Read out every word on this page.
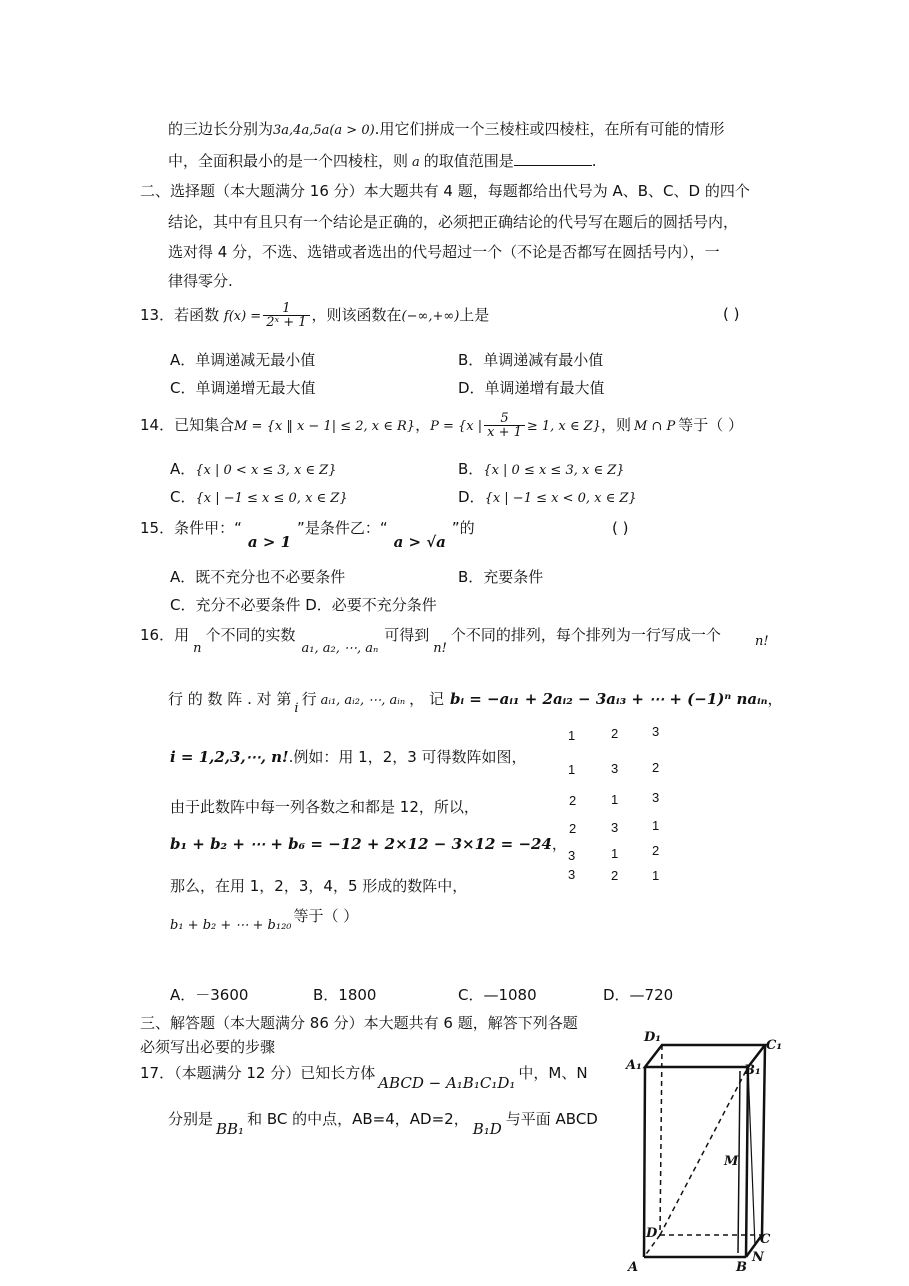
的三边长分别为3a,4a,5a(a > 0).用它们拼成一个三棱柱或四棱柱，在所有可能的情形
中，全面积最小的是一个四棱柱，则 a 的取值范围是	.
二、选择题（本大题满分 16 分）本大题共有 4 题，每题都给出代号为 A、B、C、D 的四个
结论，其中有且只有一个结论是正确的，必须把正确结论的代号写在题后的圆括号内，
选对得 4 分，不选、选错或者选出的代号超过一个（不论是否都写在圆括号内），一
律得零分.
13．若函数 $f(x) = \frac{1}{\text{2ˣ + 1}}$ ，则该函数在(−∞,+∞)上是	( )
A．单调递减无最小值	B．单调递减有最小值
C．单调递增无最大值	D．单调递增有最大值
14．已知集合M = {x ‖ x − 1| ≤ 2, x ∈ R}，P = {x | $\frac{5}{x + 1} \ge 1$, x ∈ Z}，则 M ∩ P 等于（ ）
A．{x | 0 < x ≤ 3, x ∈ Z}	B．{x | 0 ≤ x ≤ 3, x ∈ Z}
C．{x | −1 ≤ x ≤ 0, x ∈ Z}	D．{x | −1 ≤ x < 0, x ∈ Z}
15．条件甲：“a > 1”是条件乙：“a > √a”的	( )
A．既不充分也不必要条件	B．充要条件
C．充分不必要条件 D．必要不充分条件
16．用n个不同的实数a₁, a₂, ⋯, aₙ可得到n!个不同的排列，每个排列为一行写成一个	n!
行 的 数 阵 . 对 第i行 aᵢ₁, aᵢ₂, ⋯, aᵢₙ ， 记 bᵢ = −aᵢ₁ + 2aᵢ₂ − 3aᵢ₃ + ⋯ + (−1)ⁿ naᵢₙ，
i = 1,2,3,⋯, n!.例如：用 1，2，3 可得数阵如图，
由于此数阵中每一列各数之和都是 12，所以，
b₁ + b₂ + ⋯ + b₆ = −12 + 2×12 − 3×12 = −24，
那么，在用 1，2，3，4，5 形成的数阵中，
b₁ + b₂ + ⋯ + b₁₂₀等于（ ）
1	2	3
1	3	2
2	1	3
2	3	1
3	1	2
3	2	1
A．－3600	B．1800	C．—1080	D．—720
三、解答题（本大题满分 86 分）本大题共有 6 题，解答下列各题
必须写出必要的步骤
17．（本题满分 12 分）已知长方体ABCD − A₁B₁C₁D₁中，M、N
分别是BB₁和 BC 的中点，AB=4，AD=2，B₁D与平面 ABCD
D₁
A₁
C₁
B₁
M
D	C
N
A	B
